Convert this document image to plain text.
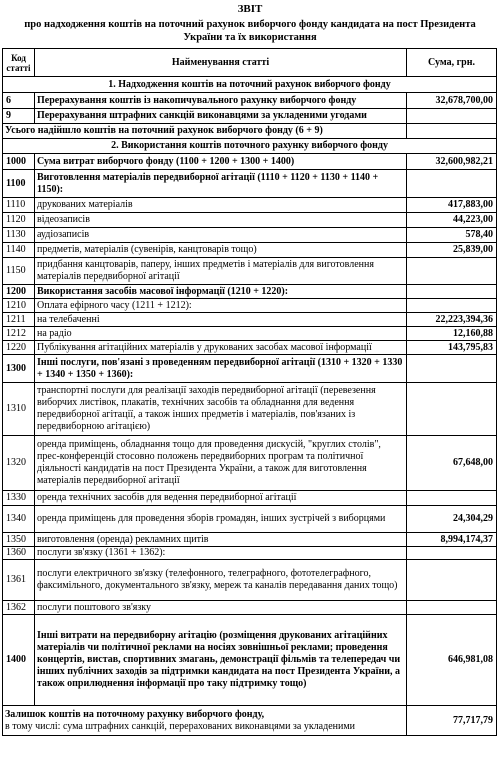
ЗВІТ
про надходження коштів на поточний рахунок виборчого фонду кандидата на пост Президента України та їх використання
Код статті	Найменування статті	Сума, грн.
1. Надходження коштів на поточний рахунок виборчого фонду		
6	Перерахування коштів із накопичувального рахунку виборчого фонду	32,678,700,00
9	Перерахування штрафних санкцій виконавцями за укладеними угодами	
Усього надійшло коштів на поточний рахунок виборчого фонду (6 + 9)		
2. Використання коштів поточного рахунку виборчого фонду		
1000	Сума витрат виборчого фонду (1100 + 1200 + 1300 + 1400)	32,600,982,21
1100	Виготовлення матеріалів передвиборної агітації (1110 + 1120 + 1130 + 1140 + 1150):	
1110	друкованих матеріалів	417,883,00
1120	відеозаписів	44,223,00
1130	аудіозаписів	578,40
1140	предметів, матеріалів (сувенірів, канцтоварів тощо)	25,839,00
1150	придбання канцтоварів, паперу, інших предметів і матеріалів для виготовлення матеріалів передвиборної агітації	
1200	Використання засобів масової інформації (1210 + 1220):	
1210	Оплата ефірного часу (1211 + 1212):	
1211	на телебаченні	22,223,394,36
1212	на радіо	12,160,88
1220	Публікування агітаційних матеріалів у друкованих засобах масової інформації	143,795,83
1300	Інші послуги, пов'язані з проведенням передвиборної агітації (1310 + 1320 + 1330 + 1340 + 1350 + 1360):	
1310	транспортні послуги для реалізації заходів передвиборної агітації (перевезення виборчих листівок, плакатів, технічних засобів та обладнання для ведення передвиборної агітації, а також інших предметів і матеріалів, пов'язаних із передвиборною агітацією)	
1320	оренда приміщень, обладнання тощо для проведення дискусій, "круглих столів", прес-конференцій стосовно положень передвиборних програм та політичної діяльності кандидатів на пост Президента України, а також для виготовлення матеріалів передвиборної агітації	67,648,00
1330	оренда технічних засобів для ведення передвиборної агітації	
1340	оренда приміщень для проведення зборів громадян, інших зустрічей з виборцями	24,304,29
1350	виготовлення (оренда) рекламних щитів	8,994,174,37
1360	послуги зв'язку (1361 + 1362):	
1361	послуги електричного зв'язку (телефонного, телеграфного, фототелеграфного, факсимільного, документального зв'язку, мереж та каналів передавання даних тощо)	
1362	послуги поштового зв'язку	
1400	Інші витрати на передвиборну агітацію (розміщення друкованих агітаційних матеріалів чи політичної реклами на носіях зовнішньої реклами; проведення концертів, вистав, спортивних змагань, демонстрації фільмів та телепередач чи інших публічних заходів за підтримки кандидата на пост Президента України, а також оприлюднення інформації про таку підтримку тощо)	646,981,08

Залишок коштів на поточному рахунку виборчого фонду,
в тому числі: сума штрафних санкцій, перерахованих виконавцями за укладеними		77,717,79
